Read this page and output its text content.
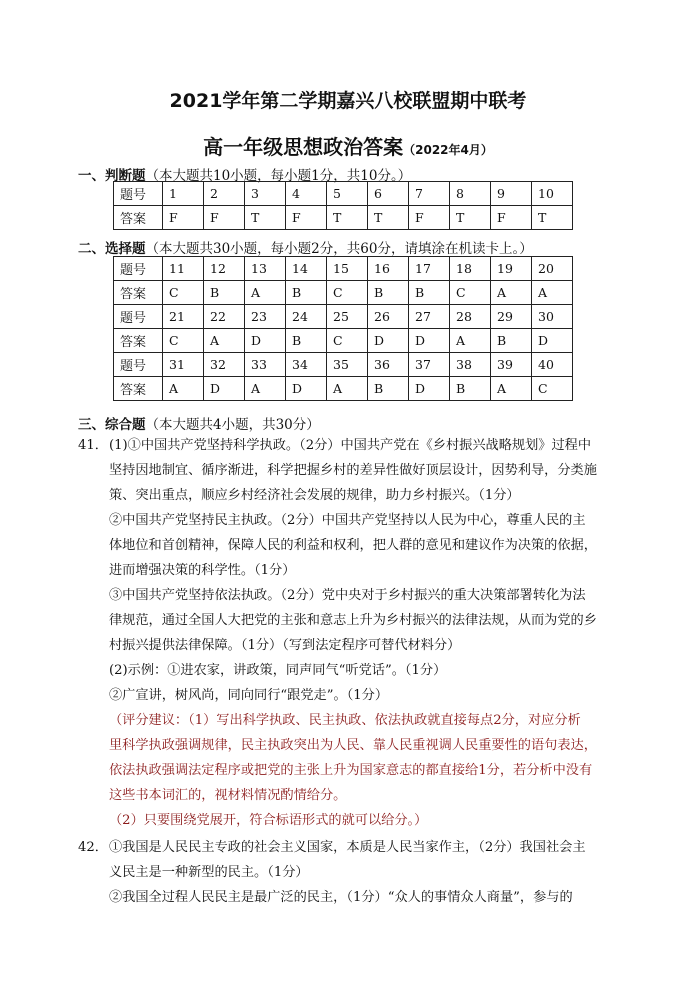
2021学年第二学期嘉兴八校联盟期中联考
高一年级思想政治答案（2022年4月）
一、判断题（本大题共10小题，每小题1分，共10分。）
题号	1	2	3	4	5	6	7	8	9	10
答案	F	F	T	F	T	T	F	T	F	T
二、选择题（本大题共30小题，每小题2分，共60分，请填涂在机读卡上。）
题号	11	12	13	14	15	16	17	18	19	20
答案	C	B	A	B	C	B	B	C	A	A
题号	21	22	23	24	25	26	27	28	29	30
答案	C	A	D	B	C	D	D	A	B	D
题号	31	32	33	34	35	36	37	38	39	40
答案	A	D	A	D	A	B	D	B	A	C
三、综合题（本大题共4小题，共30分）

41．(1)①中国共产党坚持科学执政。（2分）中国共产党在《乡村振兴战略规划》过程中

坚持因地制宜、循序渐进，科学把握乡村的差异性做好顶层设计，因势利导，分类施

策、突出重点，顺应乡村经济社会发展的规律，助力乡村振兴。（1分）

②中国共产党坚持民主执政。（2分）中国共产党坚持以人民为中心，尊重人民的主

体地位和首创精神，保障人民的利益和权利，把人群的意见和建议作为决策的依据，

进而增强决策的科学性。（1分）

③中国共产党坚持依法执政。（2分）党中央对于乡村振兴的重大决策部署转化为法

律规范，通过全国人大把党的主张和意志上升为乡村振兴的法律法规，从而为党的乡

村振兴提供法律保障。（1分）（写到法定程序可替代材料分）

(2)示例：①进农家，讲政策，同声同气“听党话”。（1分）

②广宣讲，树风尚，同向同行“跟党走”。（1分）

（评分建议：（1）写出科学执政、民主执政、依法执政就直接每点2分，对应分析

里科学执政强调规律，民主执政突出为人民、靠人民重视调人民重要性的语句表达，

依法执政强调法定程序或把党的主张上升为国家意志的都直接给1分，若分析中没有

这些书本词汇的，视材料情况酌情给分。

（2）只要围绕党展开，符合标语形式的就可以给分。）

42．①我国是人民民主专政的社会主义国家，本质是人民当家作主，（2分）我国社会主

义民主是一种新型的民主。（1分）

②我国全过程人民民主是最广泛的民主，（1分）“众人的事情众人商量”，参与的
